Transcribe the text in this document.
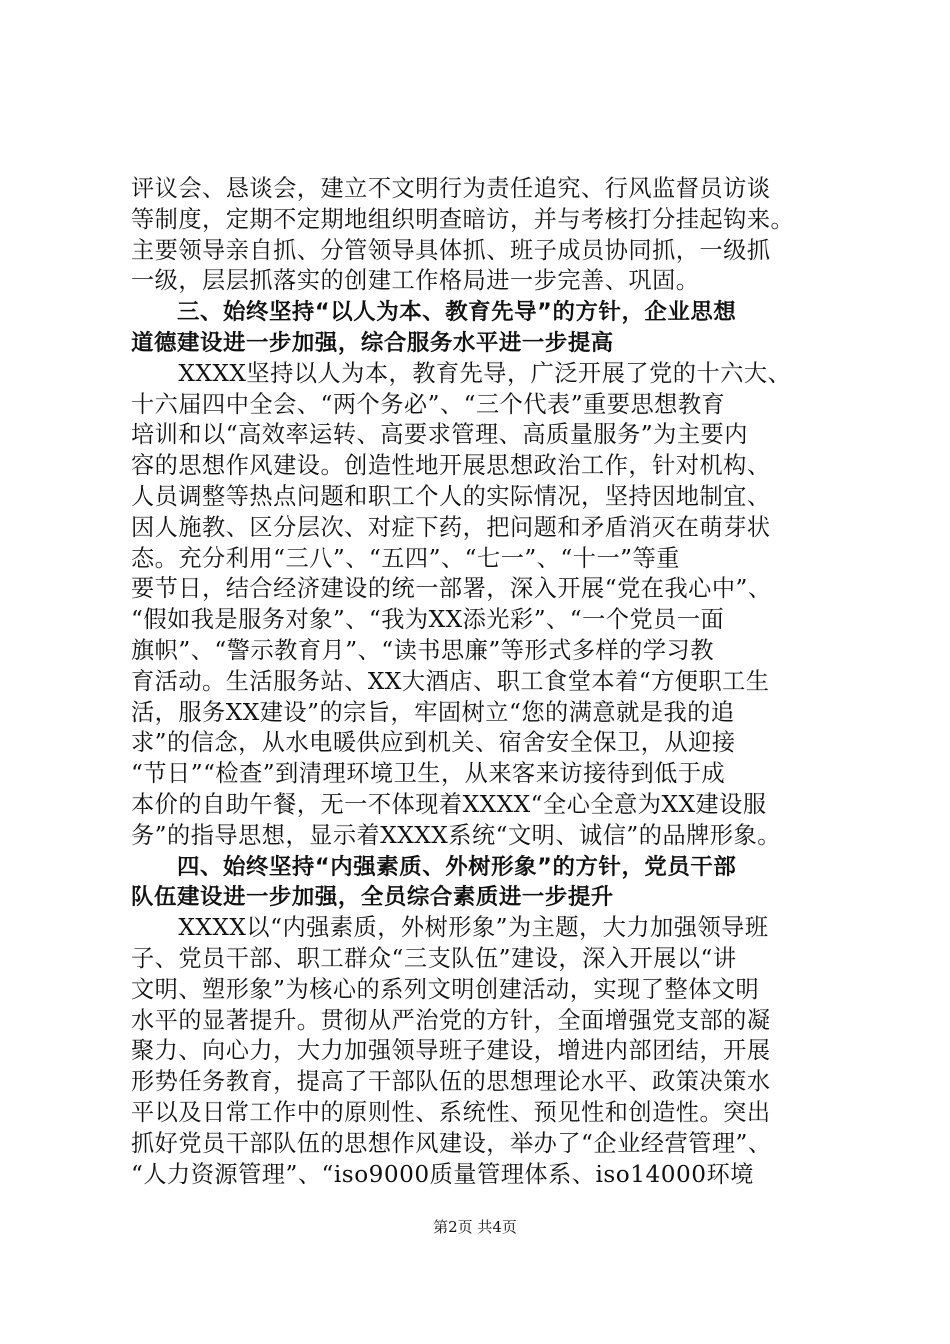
评议会、恳谈会，建立不文明行为责任追究、行风监督员访谈
等制度，定期不定期地组织明查暗访，并与考核打分挂起钩来。
主要领导亲自抓、分管领导具体抓、班子成员协同抓，一级抓
一级，层层抓落实的创建工作格局进一步完善、巩固。
　　三、始终坚持“以人为本、教育先导”的方针，企业思想
道德建设进一步加强，综合服务水平进一步提高
　　XXXX坚持以人为本，教育先导，广泛开展了党的十六大、
十六届四中全会、“两个务必”、“三个代表”重要思想教育
培训和以“高效率运转、高要求管理、高质量服务”为主要内
容的思想作风建设。创造性地开展思想政治工作，针对机构、
人员调整等热点问题和职工个人的实际情况，坚持因地制宜、
因人施教、区分层次、对症下药，把问题和矛盾消灭在萌芽状
态。充分利用“三八”、“五四”、“七一”、“十一”等重
要节日，结合经济建设的统一部署，深入开展“党在我心中”、
“假如我是服务对象”、“我为XX添光彩”、“一个党员一面
旗帜”、“警示教育月”、“读书思廉”等形式多样的学习教
育活动。生活服务站、XX大酒店、职工食堂本着“方便职工生
活，服务XX建设”的宗旨，牢固树立“您的满意就是我的追
求”的信念，从水电暖供应到机关、宿舍安全保卫，从迎接
“节日”“检查”到清理环境卫生，从来客来访接待到低于成
本价的自助午餐，无一不体现着XXXX“全心全意为XX建设服
务”的指导思想，显示着XXXX系统“文明、诚信”的品牌形象。
　　四、始终坚持“内强素质、外树形象”的方针，党员干部
队伍建设进一步加强，全员综合素质进一步提升
　　XXXX以“内强素质，外树形象”为主题，大力加强领导班
子、党员干部、职工群众“三支队伍”建设，深入开展以“讲
文明、塑形象”为核心的系列文明创建活动，实现了整体文明
水平的显著提升。贯彻从严治党的方针，全面增强党支部的凝
聚力、向心力，大力加强领导班子建设，增进内部团结，开展
形势任务教育，提高了干部队伍的思想理论水平、政策决策水
平以及日常工作中的原则性、系统性、预见性和创造性。突出
抓好党员干部队伍的思想作风建设，举办了“企业经营管理”、
“人力资源管理”、“iso9000质量管理体系、iso14000环境
第2页 共4页
